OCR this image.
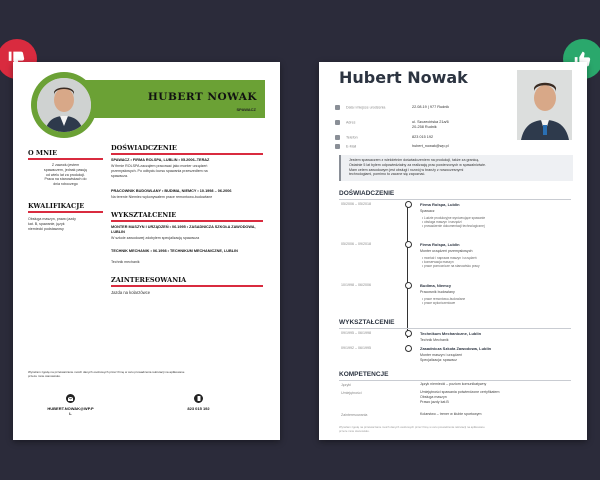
HUBERT NOWAK
SPAWACZ
O MNIE
Z zawodu jestem
spawaczem, jednak pasuję
od wielu lat za produkcji.
Praca na stanowiskach do
dnia roboczego
KWALIFIKACJE
Obsługa maszyn, prawo jazdy
kat. B, spawanie, język
niemiecki podstawowy
DOŚWIADCZENIE
SPAWACZ • FIRMA ROLSPA, LUBLIN • 05.2006–TERAZ
W firmie ROLSPA zacząłem pracować jako monter urządzeń
przemysłowych. Po odbyciu kursu spawania przeszedłem na
spawacza.
PRACOWNIK BUDOWLANY • BUDIMA, NIEMCY • 10.1998 – 06.2006
Na terenie Niemiec wykonywałem prace remontowo-budowlane
WYKSZTAŁCENIE
MONTER MASZYN I URZĄDZEŃ • 06.1995 • ZASADNICZA SZKOŁA ZAWODOWA, LUBLIN
W szkole zawodowej zdobyłem specjalizację spawacza
TECHNIK MECHANIK • 06.1998 • TECHNIKUM MECHANICZNE, LUBLIN
Technik mechanik
ZAINTERESOWANIA
Jazda na kolarzówce
Wyrażam zgodę na przetwarzanie moich danych osobowych przez firmę w celu prowadzenia rekrutacji na aplikowane
przeze mnie stanowisko.
HUBERT.NOWAK@WP.P
L
823 015 192
Hubert Nowak
Data i miejsce urodzenia	22.08.19 | 977 Rudnik
Adres	ul. Szczecińska 21a/6
20-258 Rudnik
Telefon	823 015 192
E-Mail	hubert_nowak@wp.pl
Jestem spawaczem z wieloletnim doświadczeniem na produkcji, także za granicą.
Ostatnie 5 lat byłem odpowiedzialny za realizację prac powierzonych w spawalnictwie.
Mam celem zawodowym jest obsługi i rozwój w branży z nowoczesnymi
technologiami, pomimo to zaczne się zapoznać.
DOŚWIADCZENIE
05/2006 – 05/2018	Firma Rolspa, Lublin
Spawacz
• Ludzie produkcyjne wyrównujące spawanie
• obsługa maszyn i narzędzi
• prowadzenie dokumentacji technologicznej
05/2006 – 09/2018	Firma Rolspa, Lublin
Monter urządzeń przemysłowych
• montaż i naprawa maszyn i urządzeń
• konserwacja maszyn
• prace pomocnicze na stanowisku pracy
10/1998 – 06/2006	Budima, Niemcy
Pracownik budowlany
• prace remontowo-budowlane
• prace wykończeniowe
WYKSZTAŁCENIE
09/1995 – 06/1998	Technikum Mechaniczne, Lublin
Technik Mechanik
09/1992 – 06/1995	Zasadnicza Szkoła Zawodowa, Lublin
Monter maszyn i urządzeń
Specjalizacja: spawacz
KOMPETENCJE
Języki	Język niemiecki – poziom komunikatywny
Umiejętności	Umiejętności spawania potwierdzone certyfikatem
Obsługa maszyn
Prawo jazdy kat.B
Zainteresowania	Kolarstwo – trener w klubie sportowym
Wyrażam zgodę na przetwarzanie moich danych osobowych przez firmę w celu prowadzenia rekrutacji na aplikowane
przeze mnie stanowisko.
